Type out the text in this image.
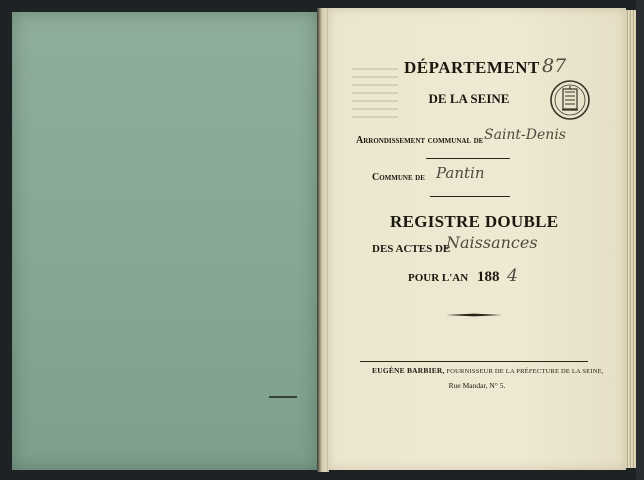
DÉPARTEMENT 87
DE LA SEINE
Arrondissement communal de Saint-Denis
Commune de Pantin
REGISTRE DOUBLE
DES ACTES DE
Naissances
POUR L'AN 188 4
EUGÈNE BARBIER, FOURNISSEUR DE LA PRÉFECTURE DE LA SEINE,
Rue Mandar, N° 5.
